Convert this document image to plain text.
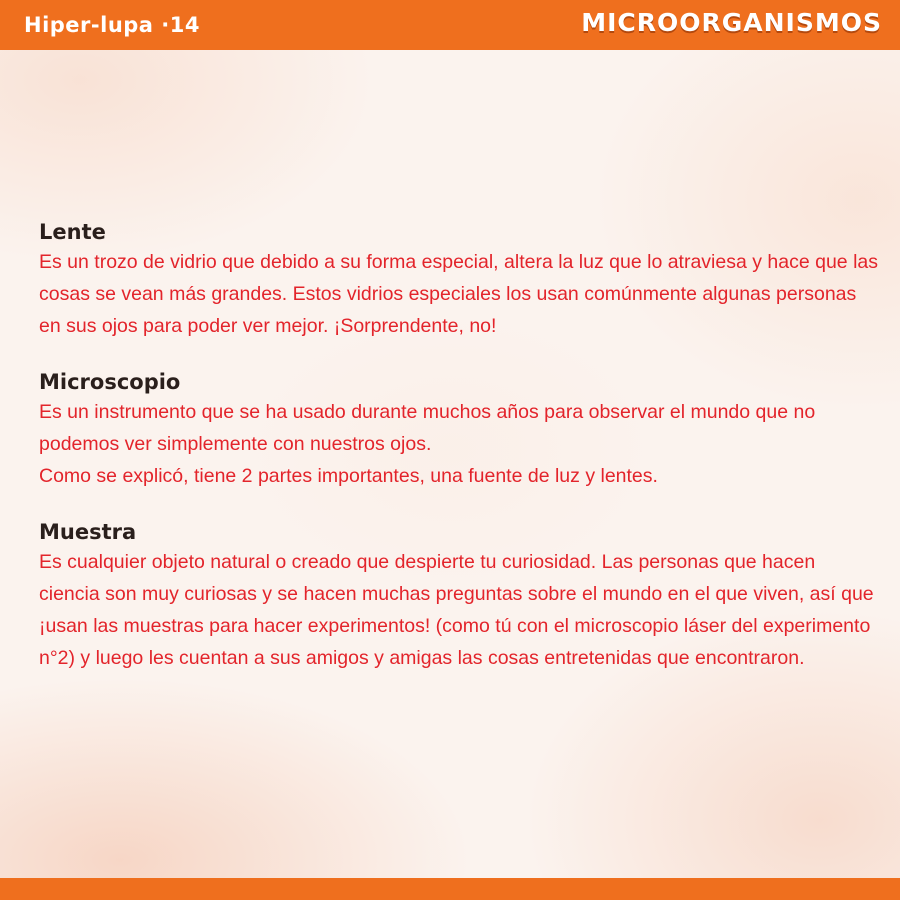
Hiper-lupa ·14	MICROORGANISMOS
Lente

Es un trozo de vidrio que debido a su forma especial, altera la luz que lo atraviesa y hace que las cosas se vean más grandes. Estos vidrios especiales los usan comúnmente algunas personas en sus ojos para poder ver mejor. ¡Sorprendente, no!

Microscopio

Es un instrumento que se ha usado durante muchos años para observar el mundo que no podemos ver simplemente con nuestros ojos.

Como se explicó, tiene 2 partes importantes, una fuente de luz y lentes.

Muestra

Es cualquier objeto natural o creado que despierte tu curiosidad. Las personas que hacen ciencia son muy curiosas y se hacen muchas preguntas sobre el mundo en el que viven, así que ¡usan las muestras para hacer experimentos! (como tú con el microscopio láser del experimento n°2) y luego les cuentan a sus amigos y amigas las cosas entretenidas que encontraron.
